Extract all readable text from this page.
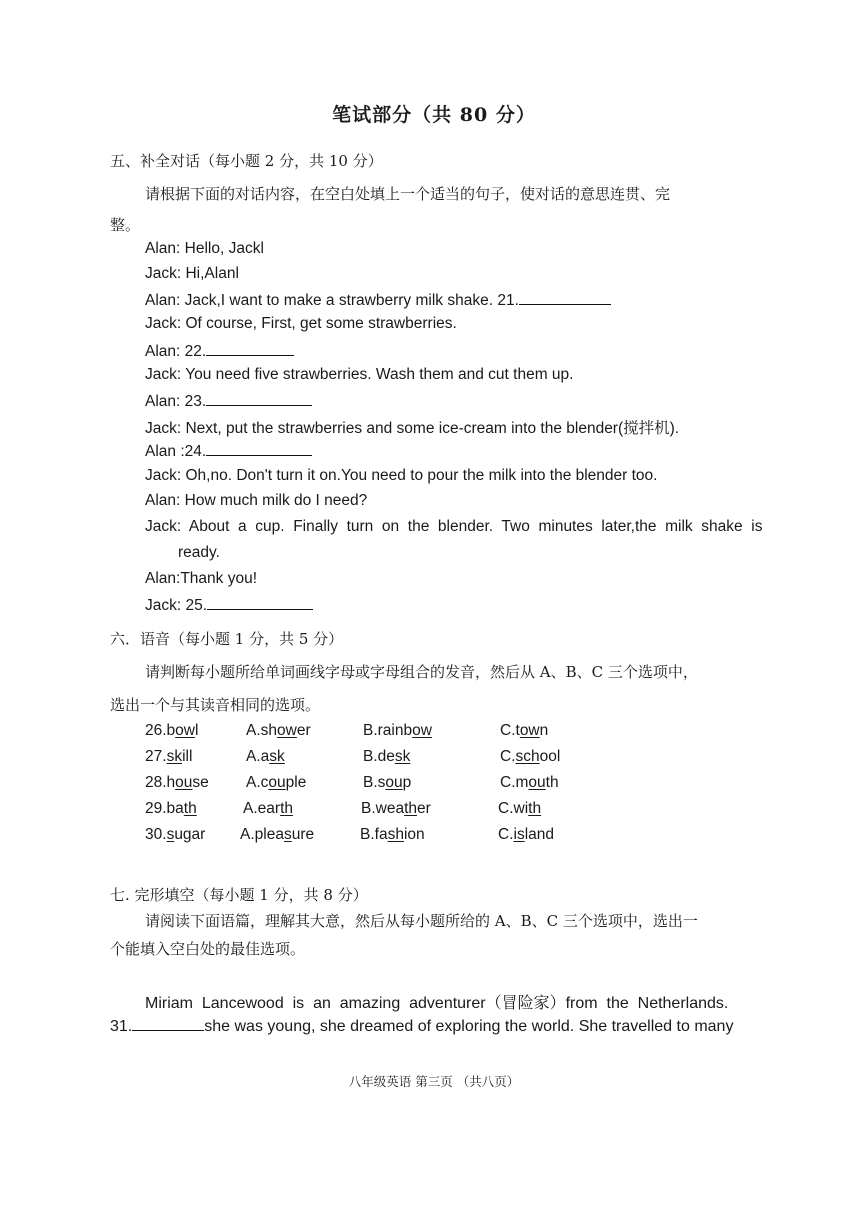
笔试部分（共 80 分）
五、补全对话（每小题 2 分，共 10 分）
请根据下面的对话内容，在空白处填上一个适当的句子，使对话的意思连贯、完
整。
Alan: Hello, Jackl
Jack: Hi,Alanl
Alan: Jack,I want to make a strawberry milk shake. 21.
Jack: Of course, First, get some strawberries.
Alan: 22.
Jack: You need five strawberries. Wash them and cut them up.
Alan: 23.
Jack: Next, put the strawberries and some ice-cream into the blender(搅拌机).
Alan :24.
Jack: Oh,no. Don't turn it on.You need to pour the milk into the blender too.
Alan: How much milk do I need?
Jack:  About  a  cup.  Finally  turn  on  the  blender.  Two  minutes  later,the  milk  shake  is
ready.
Alan:Thank you!
Jack: 25.
六．语音（每小题 1 分，共 5 分）
请判断每小题所给单词画线字母或字母组合的发音，然后从 A、B、C 三个选项中，
选出一个与其读音相同的选项。
26.bowl	A.shower	B.rainbow	C.town
27.skill	A.ask	B.desk	C.school
28.house A.couple	B.soup	C.mouth
29.bath	A.earth	B.weather	C.with
30.sugar A.pleasure	B.fashion	C.island
七. 完形填空（每小题 1 分，共 8 分）
请阅读下面语篇，理解其大意，然后从每小题所给的 A、B、C 三个选项中，选出一
个能填入空白处的最佳选项。
Miriam  Lancewood  is  an  amazing  adventurer（冒险家）from  the  Netherlands.
31.	she was young, she dreamed of exploring the world. She travelled to many
八年级英语 第三页 （共八页）
